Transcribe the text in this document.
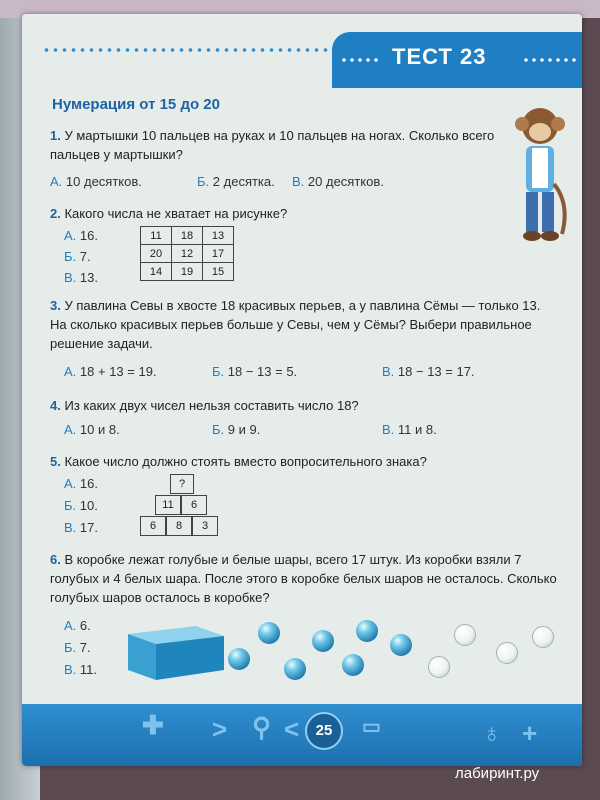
ТЕСТ 23
Нумерация от 15 до 20
1. У мартышки 10 пальцев на руках и 10 пальцев на ногах. Сколько всего пальцев у мартышки?
А. 10 десятков.	Б. 2 десятка. В. 20 десятков.
2. Какого числа не хватает на рисунке?
А. 16.
Б. 7.
В. 13.
11	18	13
20	12	17
14	19	15
3. У павлина Севы в хвосте 18 красивых перьев, а у павлина Сёмы — только 13. На сколько красивых перьев больше у Севы, чем у Сёмы? Выбери правильное решение задачи.
А. 18 + 13 = 19.	Б. 18 − 13 = 5.	В. 18 − 13 = 17.
4. Из каких двух чисел нельзя составить число 18?
А. 10 и 8.	Б. 9 и 9.	В. 11 и 8.
5. Какое число должно стоять вместо вопросительного знака?
А. 16.
Б. 10.
В. 17.
?
11	6
6	8	3
6. В коробке лежат голубые и белые шары, всего 17 штук. Из коробки взяли 7 голубых и 4 белых шара. После этого в коробке белых шаров не осталось. Сколько голубых шаров осталось в коробке?
А. 6.
Б. 7.
В. 11.
✚ > ⚲ <	25	▭	♁ +
лабиринт.ру
